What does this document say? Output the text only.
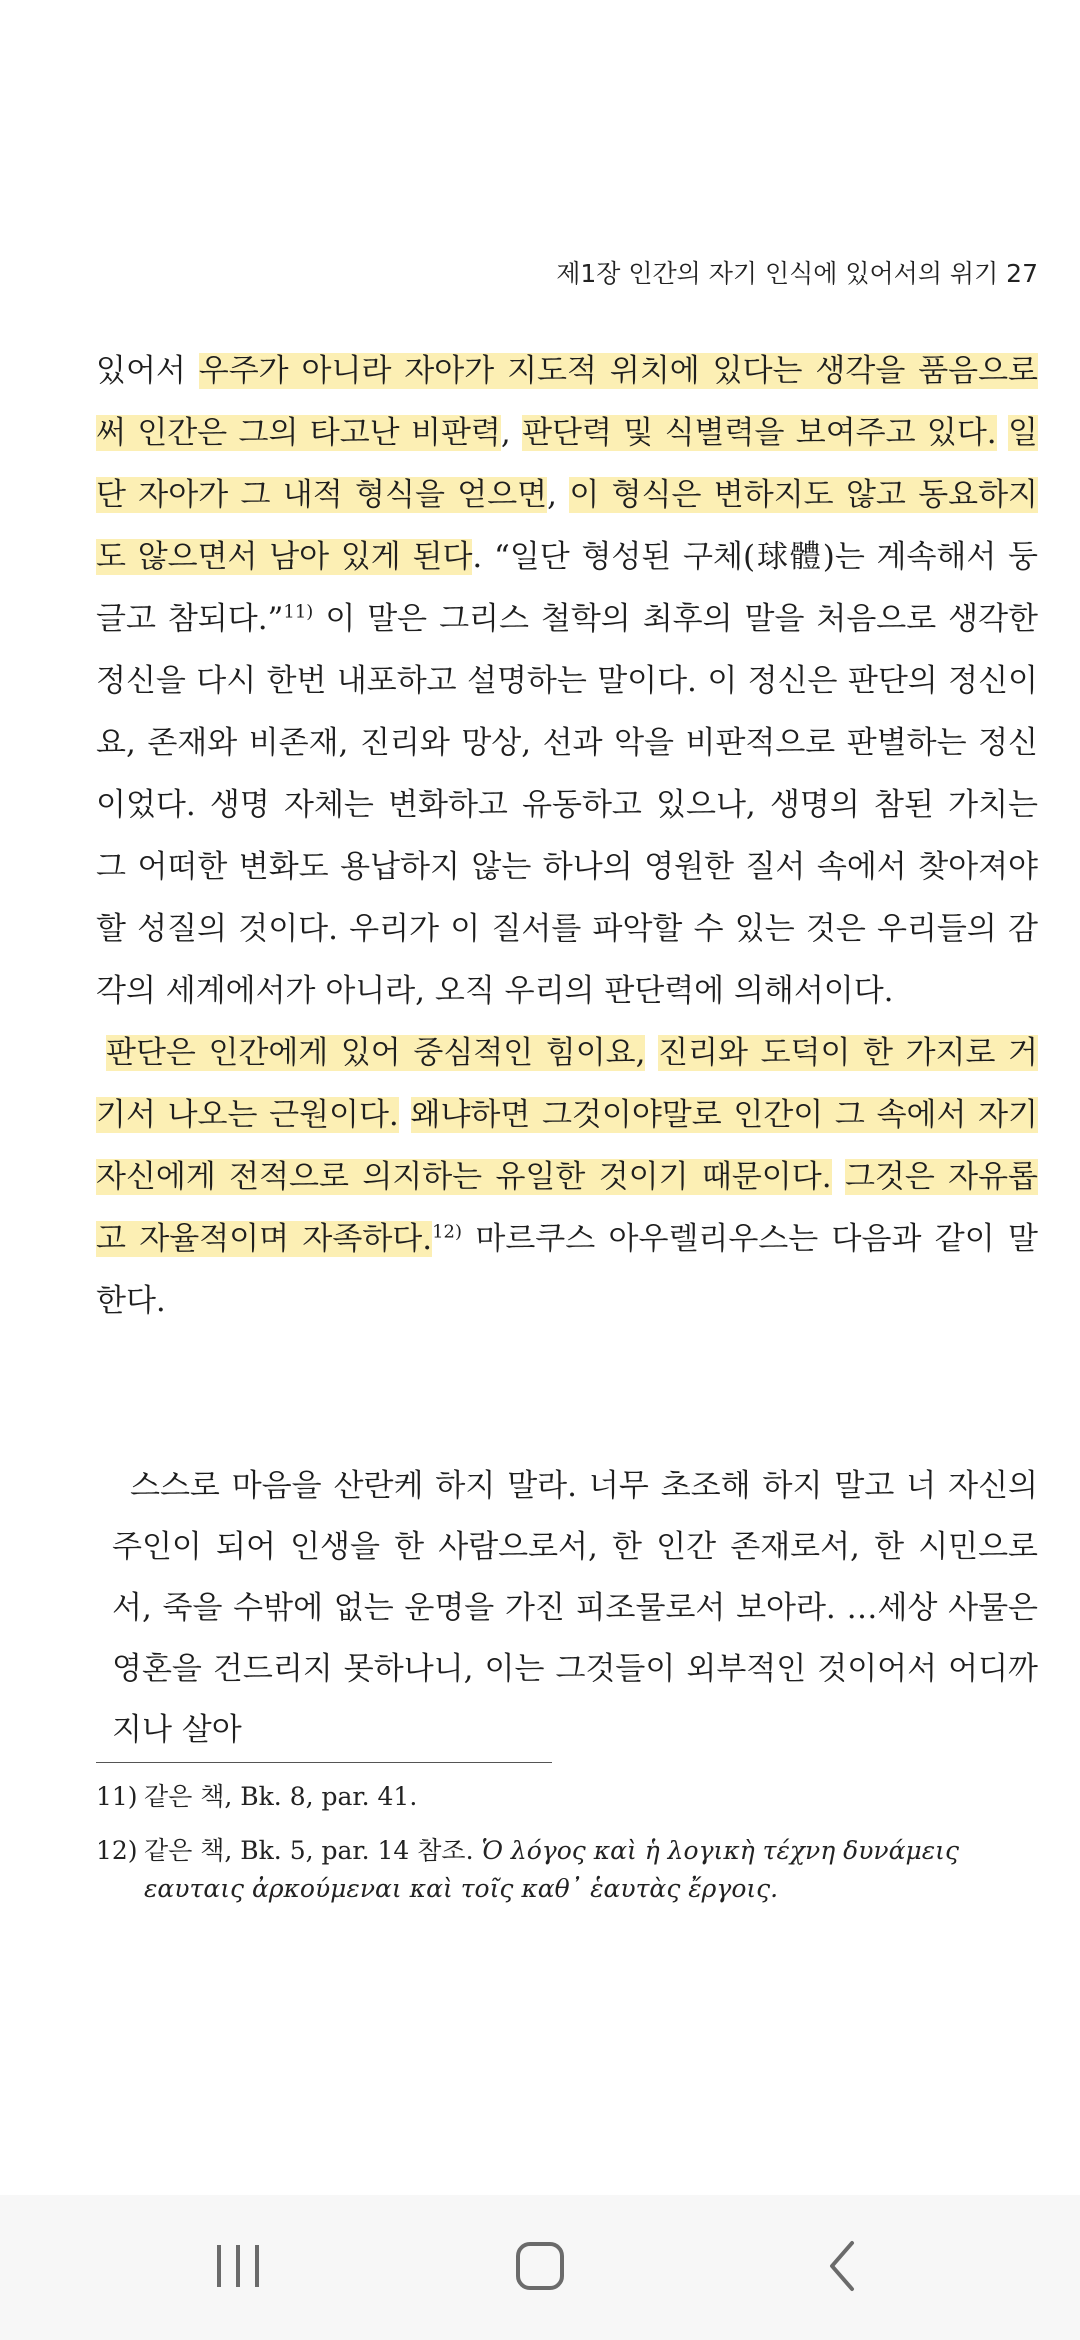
제1장 인간의 자기 인식에 있어서의 위기 27

있어서 우주가 아니라 자아가 지도적 위치에 있다는 생각을 품음으로써 인간은 그의 타고난 비판력, 판단력 및 식별력을 보여주고 있다. 일단 자아가 그 내적 형식을 얻으면, 이 형식은 변하지도 않고 동요하지도 않으면서 남아 있게 된다. “일단 형성된 구체(球體)는 계속해서 둥글고 참되다.”$^{11)}$ 이 말은 그리스 철학의 최후의 말을 처음으로 생각한 정신을 다시 한번 내포하고 설명하는 말이다. 이 정신은 판단의 정신이요, 존재와 비존재, 진리와 망상, 선과 악을 비판적으로 판별하는 정신이었다. 생명 자체는 변화하고 유동하고 있으나, 생명의 참된 가치는 그 어떠한 변화도 용납하지 않는 하나의 영원한 질서 속에서 찾아져야 할 성질의 것이다. 우리가 이 질서를 파악할 수 있는 것은 우리들의 감각의 세계에서가 아니라, 오직 우리의 판단력에 의해서이다.

판단은 인간에게 있어 중심적인 힘이요, 진리와 도덕이 한 가지로 거기서 나오는 근원이다. 왜냐하면 그것이야말로 인간이 그 속에서 자기 자신에게 전적으로 의지하는 유일한 것이기 때문이다. 그것은 자유롭고 자율적이며 자족하다.$^{12)}$ 마르쿠스 아우렐리우스는 다음과 같이 말한다.

스스로 마음을 산란케 하지 말라. 너무 초조해 하지 말고 너 자신의 주인이 되어 인생을 한 사람으로서, 한 인간 존재로서, 한 시민으로서, 죽을 수밖에 없는 운명을 가진 피조물로서 보아라. …세상 사물은 영혼을 건드리지 못하나니, 이는 그것들이 외부적인 것이어서 어디까지나 살아
11) 같은 책, Bk. 8, par. 41.
12) 같은 책, Bk. 5, par. 14 참조. Ὁ λόγος καὶ ἡ λογικὴ τέχνη δυνάμεις εαυταις ἀρκούμεναι καὶ τοῖς καθ᾽ ἑαυτὰς ἔργοις.
